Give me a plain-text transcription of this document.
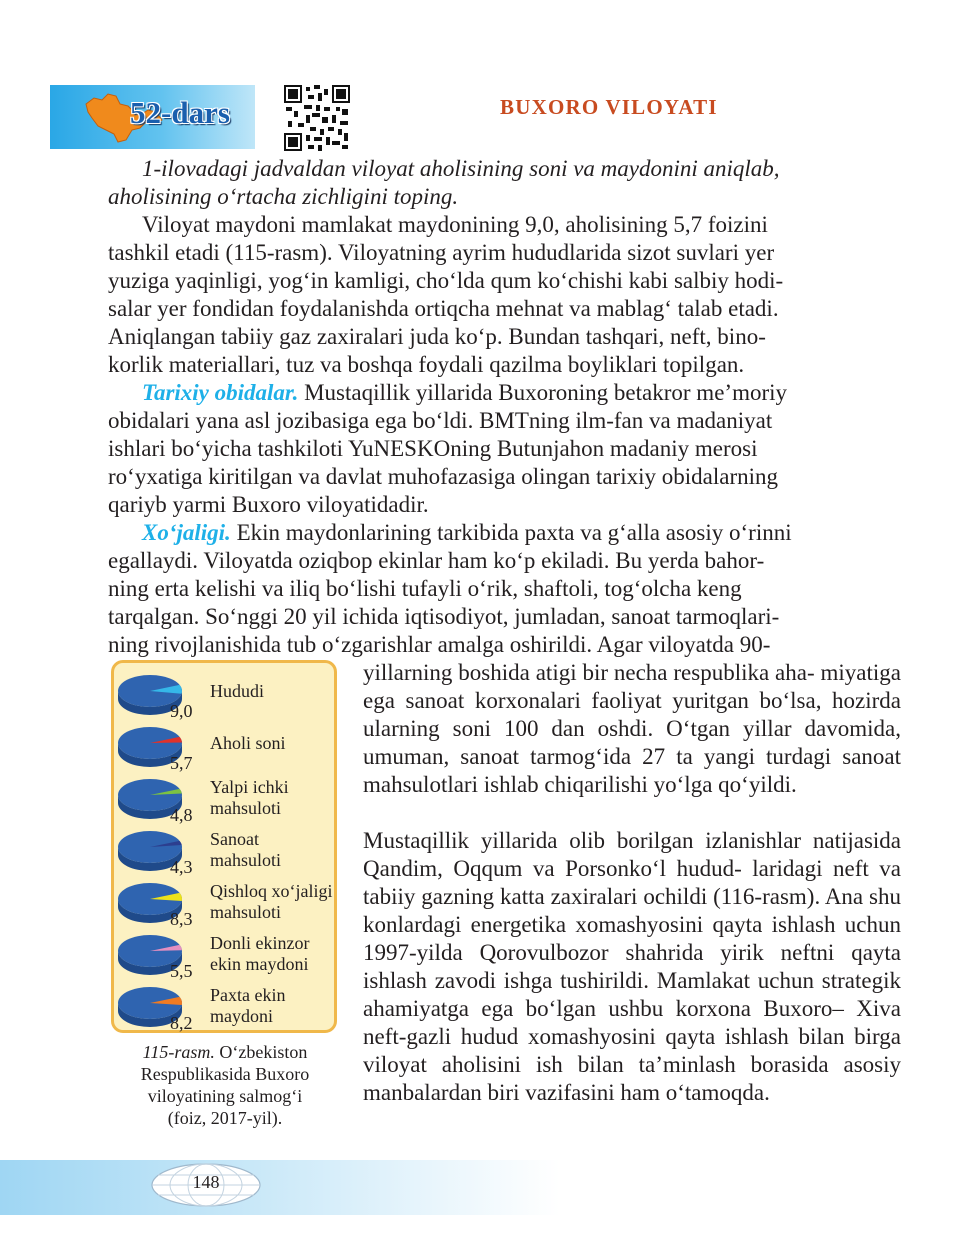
52-dars	BUXORO VILOYATI

1-ilovadagi jadvaldan viloyat aholisining soni va maydonini aniqlab,
aholisining o‘rtacha zichligini toping.

Viloyat maydoni mamlakat maydonining 9,0, aholisining 5,7 foizini
tashkil etadi (115-rasm). Viloyatning ayrim hududlarida sizot suvlari yer
yuziga yaqinligi, yog‘in kamligi, cho‘lda qum ko‘chishi kabi salbiy hodi-
salar yer fondidan foydalanishda ortiqcha mehnat va mablag‘ talab etadi.
Aniqlangan tabiiy gaz zaxiralari juda ko‘p. Bundan tashqari, neft, bino-
korlik materiallari, tuz va boshqa foydali qazilma boyliklari topilgan.

Tarixiy obidalar. Mustaqillik yillarida Buxoroning betakror me’moriy
obidalari yana asl jozibasiga ega bo‘ldi. BMTning ilm-fan va madaniyat
ishlari bo‘yicha tashkiloti YuNESKOning Butunjahon madaniy merosi
ro‘yxatiga kiritilgan va davlat muhofazasiga olingan tarixiy obidalarning
qariyb yarmi Buxoro viloyatidadir.

Xo‘jaligi. Ekin maydonlarining tarkibida paxta va g‘alla asosiy o‘rinni
egallaydi. Viloyatda oziqbop ekinlar ham ko‘p ekiladi. Bu yerda bahor-
ning erta kelishi va iliq bo‘lishi tufayli o‘rik, shaftoli, tog‘olcha keng
tarqalgan. So‘nggi 20 yil ichida iqtisodiyot, jumladan, sanoat tarmoqlari-
ning rivojlanishida tub o‘zgarishlar amalga oshirildi. Agar viloyatda 90-

yillarning boshida atigi bir necha respublika aha- miyatiga ega sanoat korxonalari faoliyat yuritgan bo‘lsa, hozirda ularning soni 100 dan oshdi. O‘tgan yillar davomida, umuman, sanoat tarmog‘ida 27 ta yangi turdagi sanoat mahsulotlari ishlab chiqarilishi yo‘lga qo‘yildi.

Mustaqillik yillarida olib borilgan izlanishlar natijasida Qandim, Oqqum va Porsonko‘l hudud- laridagi neft va tabiiy gazning katta zaxiralari ochildi (116-rasm). Ana shu konlardagi energetika xomashyosini qayta ishlash uchun 1997-yilda Qorovulbozor shahrida yirik neftni qayta ishlash zavodi ishga tushirildi. Mamlakat uchun strategik ahamiyatga ega bo‘lgan ushbu korxona Buxoro– Xiva neft-gazli hudud xomashyosini qayta ishlash bilan birga viloyat aholisini ish bilan ta’minlash borasida asosiy manbalardan biri vazifasini ham o‘tamoqda.

9,0
Hududi
5,7
Aholi soni
4,8
Yalpi ichki
mahsuloti
4,3
Sanoat
mahsuloti
8,3
Qishloq xo‘jaligi
mahsuloti
5,5
Donli ekinzor
ekin maydoni
8,2
Paxta ekin
maydoni
115-rasm. O‘zbekiston
Respublikasida Buxoro
viloyatining salmog‘i
(foiz, 2017-yil).
148
